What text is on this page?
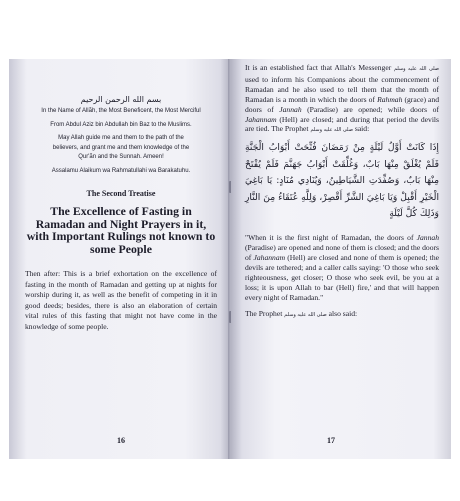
بسم الله الرحمن الرحيم

In the Name of Allãh, the Most Beneficent, the Most Merciful

From Abdul Aziz bin Abdullah bin Baz to the Muslims.

May Allah guide me and them to the path of the

believers, and grant me and them knowledge of the

Qur'ãn and the Sunnah. Ameen!

Assalamu Alaikum wa Rahmatullahi wa Barakatuhu.

The Second Treatise

The Excellence of Fasting in Ramadan and Night Prayers in it, with Important Rulings not known to some People

Then after: This is a brief exhortation on the excellence of fasting in the month of Ramadan and getting up at nights for worship during it, as well as the benefit of competing in it in good deeds; besides, there is also an elaboration of certain vital rules of this fasting that might not have come in the knowledge of some people.

16

It is an established fact that Allah's Messenger صلى الله عليه وسلم used to inform his Companions about the commencement of Ramadan and he also used to tell them that the month of Ramadan is a month in which the doors of Rahmah (grace) and doors of Jannah (Paradise) are opened; while doors of Jahannam (Hell) are closed; and during that period the devils are tied. The Prophet صلى الله عليه وسلم said:

إِذَا كَانَتْ أَوَّلُ لَيْلَةٍ مِنْ رَمَضَانَ فُتِّحَتْ أَبْوَابُ الْجَنَّةِ فَلَمْ يُغْلَقْ مِنْهَا بَابٌ، وَغُلِّقَتْ أَبْوَابُ جَهَنَّمَ فَلَمْ يُفْتَحْ مِنْهَا بَابٌ، وَصُفِّدَتِ الشَّيَاطِينُ، وَيُنَادِي مُنَادٍ: يَا بَاغِيَ الْخَيْرِ أَقْبِلْ وَيَا بَاغِيَ الشَّرِّ أَقْصِرْ، وَلِلَّهِ عُتَقَاءُ مِنَ النَّارِ وَذَلِكَ كُلَّ لَيْلَةٍ

"When it is the first night of Ramadan, the doors of Jannah (Paradise) are opened and none of them is closed; and the doors of Jahannam (Hell) are closed and none of them is opened; the devils are tethered; and a caller calls saying: 'O those who seek righteousness, get closer; O those who seek evil, be you at a loss; it is upon Allah to bar (Hell) fire,' and that will happen every night of Ramadan."

The Prophet صلى الله عليه وسلم also said:

17
